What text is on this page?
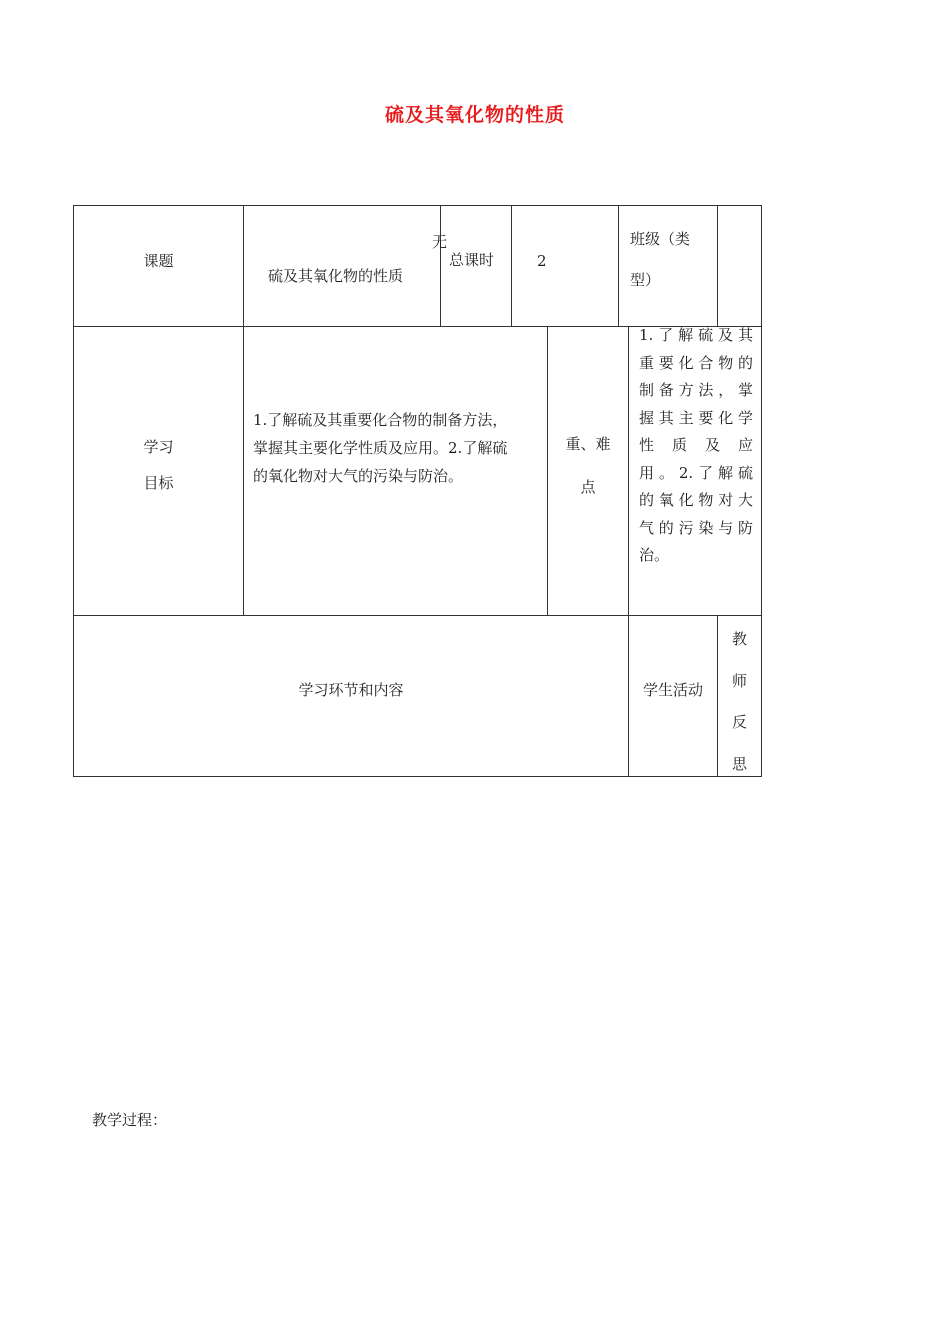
硫及其氧化物的性质
课题
硫及其氧化物的性质
无
总课时	2
班级（类
型）
学习
目标
1.了解硫及其重要化合物的制备方法，
掌握其主要化学性质及应用。2.了解硫
的氧化物对大气的污染与防治。
重、难
点
1.了解硫及其
重要化合物的
制备方法，掌
握其主要化学
性 质 及 应
用。2.了解硫
的氧化物对大
气的污染与防
治。
学习环节和内容	学生活动
教
师
反
思
教学过程：
